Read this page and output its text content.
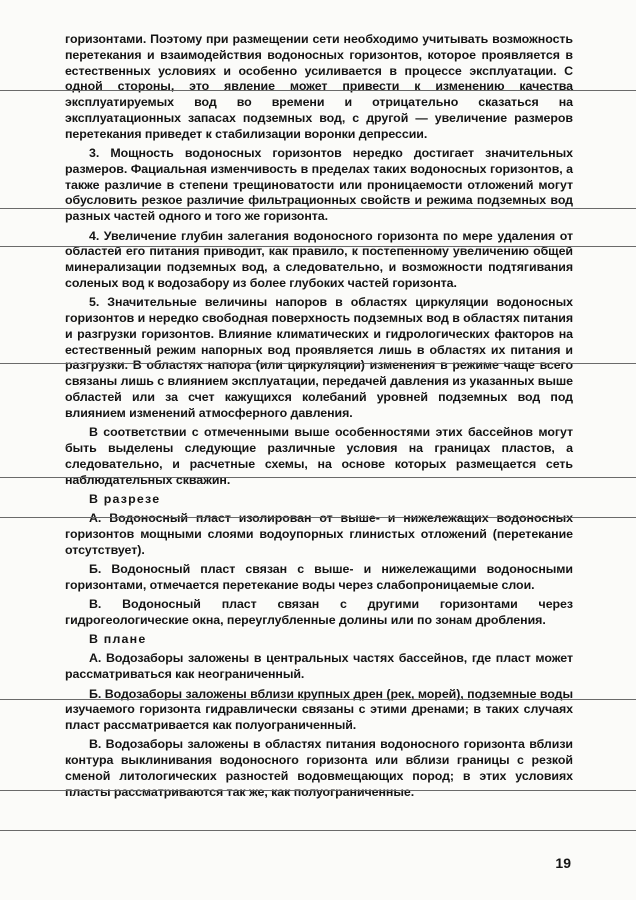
горизонтами. Поэтому при размещении сети необходимо учитывать возможность перетекания и взаимодействия водоносных горизонтов, которое проявляется в естественных условиях и особенно усиливается в процессе эксплуатации. С одной стороны, это явление может привести к изменению качества эксплуатируемых вод во времени и отрицательно сказаться на эксплуатационных запасах подземных вод, с другой — увеличение размеров перетекания приведет к стабилизации воронки депрессии.

3. Мощность водоносных горизонтов нередко достигает значительных размеров. Фациальная изменчивость в пределах таких водоносных горизонтов, а также различие в степени трещиноватости или проницаемости отложений могут обусловить резкое различие фильтрационных свойств и режима подземных вод разных частей одного и того же горизонта.

4. Увеличение глубин залегания водоносного горизонта по мере удаления от областей его питания приводит, как правило, к постепенному увеличению общей минерализации подземных вод, а следовательно, и возможности подтягивания соленых вод к водозабору из более глубоких частей горизонта.

5. Значительные величины напоров в областях циркуляции водоносных горизонтов и нередко свободная поверхность подземных вод в областях питания и разгрузки горизонтов. Влияние климатических и гидрологических факторов на естественный режим напорных вод проявляется лишь в областях их питания и разгрузки. В областях напора (или циркуляции) изменения в режиме чаще всего связаны лишь с влиянием эксплуатации, передачей давления из указанных выше областей или за счет кажущихся колебаний уровней подземных вод под влиянием изменений атмосферного давления.

В соответствии с отмеченными выше особенностями этих бассейнов могут быть выделены следующие различные условия на границах пластов, а следовательно, и расчетные схемы, на основе которых размещается сеть наблюдательных скважин.

В разрезе

А. Водоносный пласт изолирован от выше- и нижележащих водоносных горизонтов мощными слоями водоупорных глинистых отложений (перетекание отсутствует).

Б. Водоносный пласт связан с выше- и нижележащими водоносными горизонтами, отмечается перетекание воды через слабопроницаемые слои.

В. Водоносный пласт связан с другими горизонтами через гидрогеологические окна, переуглубленные долины или по зонам дробления.

В плане

А. Водозаборы заложены в центральных частях бассейнов, где пласт может рассматриваться как неограниченный.

Б. Водозаборы заложены вблизи крупных дрен (рек, морей), подземные воды изучаемого горизонта гидравлически связаны с этими дренами; в таких случаях пласт рассматривается как полуограниченный.

В. Водозаборы заложены в областях питания водоносного горизонта вблизи контура выклинивания водоносного горизонта или вблизи границы с резкой сменой литологических разностей водовмещающих пород; в этих условиях пласты рассматриваются так же, как полуограниченные.

19
